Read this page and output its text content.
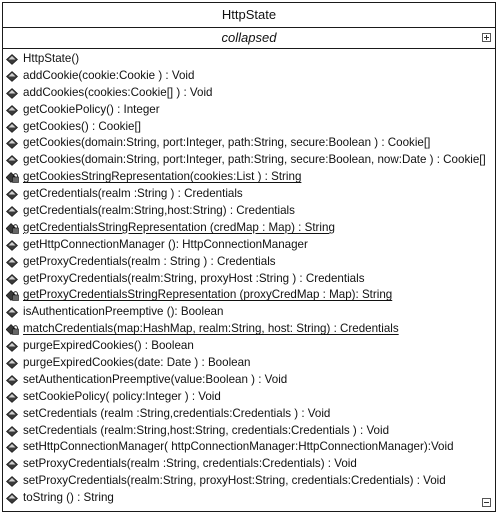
HttpState
collapsed
HttpState()
addCookie(cookie:Cookie ) : Void
addCookies(cookies:Cookie[] ) : Void
getCookiePolicy() : Integer
getCookies() : Cookie[]
getCookies(domain:String, port:Integer, path:String, secure:Boolean ) : Cookie[]
getCookies(domain:String, port:Integer, path:String, secure:Boolean, now:Date ) : Cookie[]
getCookiesStringRepresentation(cookies:List ) : String
getCredentials(realm :String ) : Credentials
getCredentials(realm:String,host:String) : Credentials
getCredentialsStringRepresentation (credMap : Map) : String
getHttpConnectionManager (): HttpConnectionManager
getProxyCredentials(realm : String ) : Credentials
getProxyCredentials(realm:String, proxyHost :String ) : Credentials
getProxyCredentialsStringRepresentation (proxyCredMap : Map): String
isAuthenticationPreemptive (): Boolean
matchCredentials(map:HashMap, realm:String, host: String) : Credentials
purgeExpiredCookies() : Boolean
purgeExpiredCookies(date: Date ) : Boolean
setAuthenticationPreemptive(value:Boolean ) : Void
setCookiePolicy( policy:Integer ) : Void
setCredentials (realm :String,credentials:Credentials ) : Void
setCredentials (realm:String,host:String, credentials:Credentials ) : Void
setHttpConnectionManager( httpConnectionManager:HttpConnectionManager):Void
setProxyCredentials(realm :String, credentials:Credentials) : Void
setProxyCredentials(realm:String, proxyHost:String, credentials:Credentials) : Void
toString () : String
